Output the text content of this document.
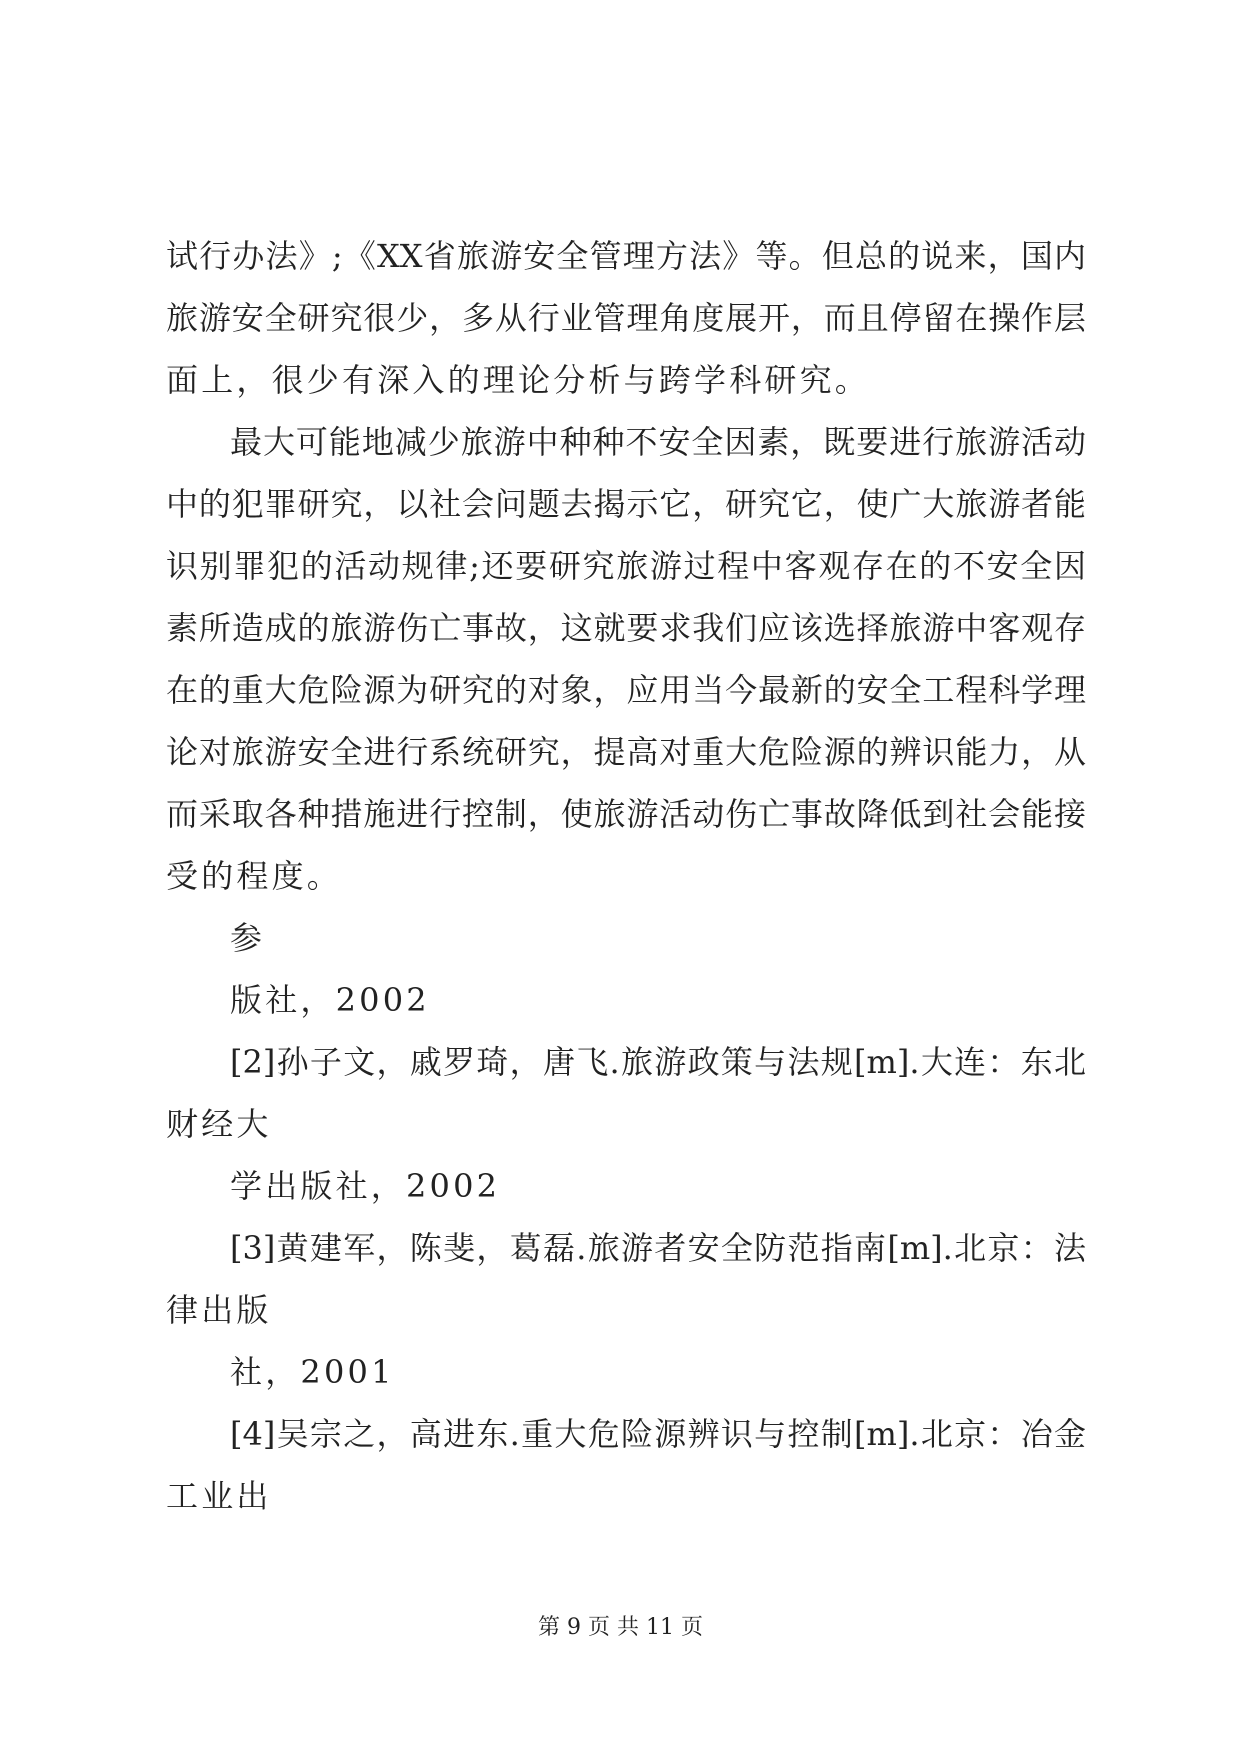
试行办法》;《XX省旅游安全管理方法》等。但总的说来，国内
旅游安全研究很少，多从行业管理角度展开，而且停留在操作层
面上，很少有深入的理论分析与跨学科研究。
最大可能地减少旅游中种种不安全因素，既要进行旅游活动
中的犯罪研究，以社会问题去揭示它，研究它，使广大旅游者能
识别罪犯的活动规律;还要研究旅游过程中客观存在的不安全因
素所造成的旅游伤亡事故，这就要求我们应该选择旅游中客观存
在的重大危险源为研究的对象，应用当今最新的安全工程科学理
论对旅游安全进行系统研究，提高对重大危险源的辨识能力，从
而采取各种措施进行控制，使旅游活动伤亡事故降低到社会能接
受的程度。
参
版社，2002
[2]孙子文，戚罗琦，唐飞.旅游政策与法规[m].大连：东北
财经大
学出版社，2002
[3]黄建军，陈斐，葛磊.旅游者安全防范指南[m].北京：法
律出版
社，2001
[4]吴宗之，高进东.重大危险源辨识与控制[m].北京：冶金
工业出
第 9 页 共 11 页
